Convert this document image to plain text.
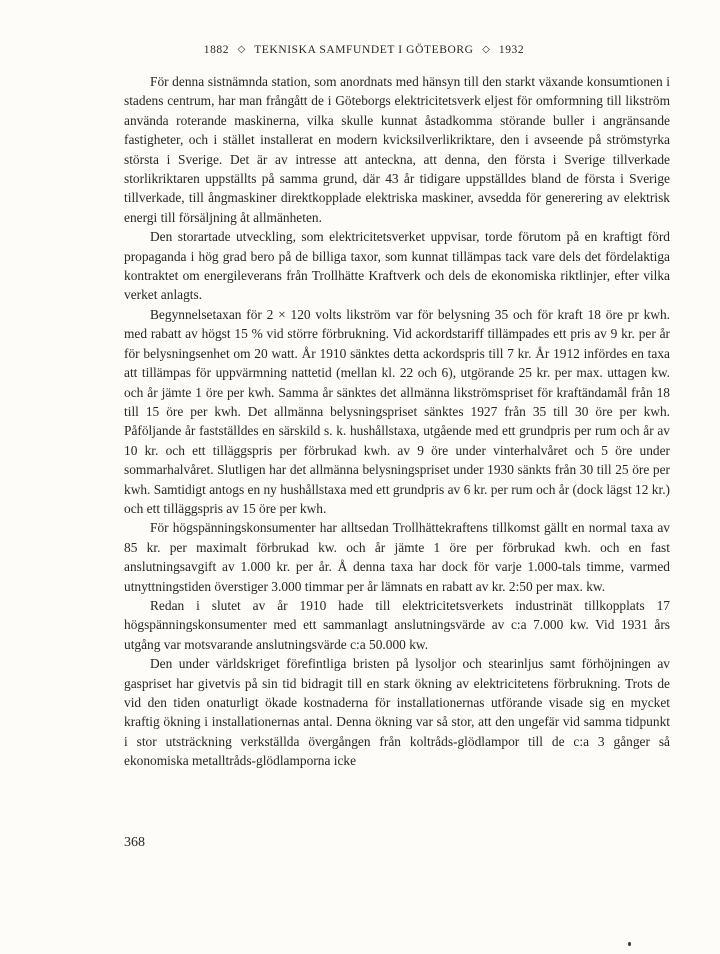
1882 ◇ TEKNISKA SAMFUNDET I GÖTEBORG ◇ 1932

För denna sistnämnda station, som anordnats med hänsyn till den starkt växande konsumtionen i stadens centrum, har man frångått de i Göteborgs elektricitetsverk eljest för omformning till likström använda roterande maskinerna, vilka skulle kunnat åstadkomma störande buller i angränsande fastigheter, och i stället installerat en modern kvicksilverlikriktare, den i avseende på strömstyrka största i Sverige. Det är av intresse att anteckna, att denna, den första i Sverige tillverkade storlikriktaren uppställts på samma grund, där 43 år tidigare uppställdes bland de första i Sverige tillverkade, till ångmaskiner direktkopplade elektriska maskiner, avsedda för generering av elektrisk energi till försäljning åt allmänheten.

Den storartade utveckling, som elektricitetsverket uppvisar, torde förutom på en kraftigt förd propaganda i hög grad bero på de billiga taxor, som kunnat tillämpas tack vare dels det fördelaktiga kontraktet om energileverans från Trollhätte Kraftverk och dels de ekonomiska riktlinjer, efter vilka verket anlagts.

Begynnelsetaxan för 2 × 120 volts likström var för belysning 35 och för kraft 18 öre pr kwh. med rabatt av högst 15 % vid större förbrukning. Vid ackordstariff tillämpades ett pris av 9 kr. per år för belysningsenhet om 20 watt. År 1910 sänktes detta ackordspris till 7 kr. År 1912 infördes en taxa att tillämpas för uppvärmning nattetid (mellan kl. 22 och 6), utgörande 25 kr. per max. uttagen kw. och år jämte 1 öre per kwh. Samma år sänktes det allmänna likströmspriset för kraftändamål från 18 till 15 öre per kwh. Det allmänna belysningspriset sänktes 1927 från 35 till 30 öre per kwh. Påföljande år fastställdes en särskild s. k. hushållstaxa, utgående med ett grundpris per rum och år av 10 kr. och ett tilläggspris per förbrukad kwh. av 9 öre under vinterhalvåret och 5 öre under sommarhalvåret. Slutligen har det allmänna belysningspriset under 1930 sänkts från 30 till 25 öre per kwh. Samtidigt antogs en ny hushållstaxa med ett grundpris av 6 kr. per rum och år (dock lägst 12 kr.) och ett tilläggspris av 15 öre per kwh.

För högspänningskonsumenter har alltsedan Trollhättekraftens tillkomst gällt en normal taxa av 85 kr. per maximalt förbrukad kw. och år jämte 1 öre per förbrukad kwh. och en fast anslutningsavgift av 1.000 kr. per år. Å denna taxa har dock för varje 1.000-tals timme, varmed utnyttningstiden överstiger 3.000 timmar per år lämnats en rabatt av kr. 2:50 per max. kw.

Redan i slutet av år 1910 hade till elektricitetsverkets industrinät tillkopplats 17 högspänningskonsumenter med ett sammanlagt anslutningsvärde av c:a 7.000 kw. Vid 1931 års utgång var motsvarande anslutningsvärde c:a 50.000 kw.

Den under världskriget förefintliga bristen på lysoljor och stearinljus samt förhöjningen av gaspriset har givetvis på sin tid bidragit till en stark ökning av elektricitetens förbrukning. Trots de vid den tiden onaturligt ökade kostnaderna för installationernas utförande visade sig en mycket kraftig ökning i installationernas antal. Denna ökning var så stor, att den ungefär vid samma tidpunkt i stor utsträckning verkställda övergången från koltråds-glödlampor till de c:a 3 gånger så ekonomiska metalltråds-glödlamporna icke

368
